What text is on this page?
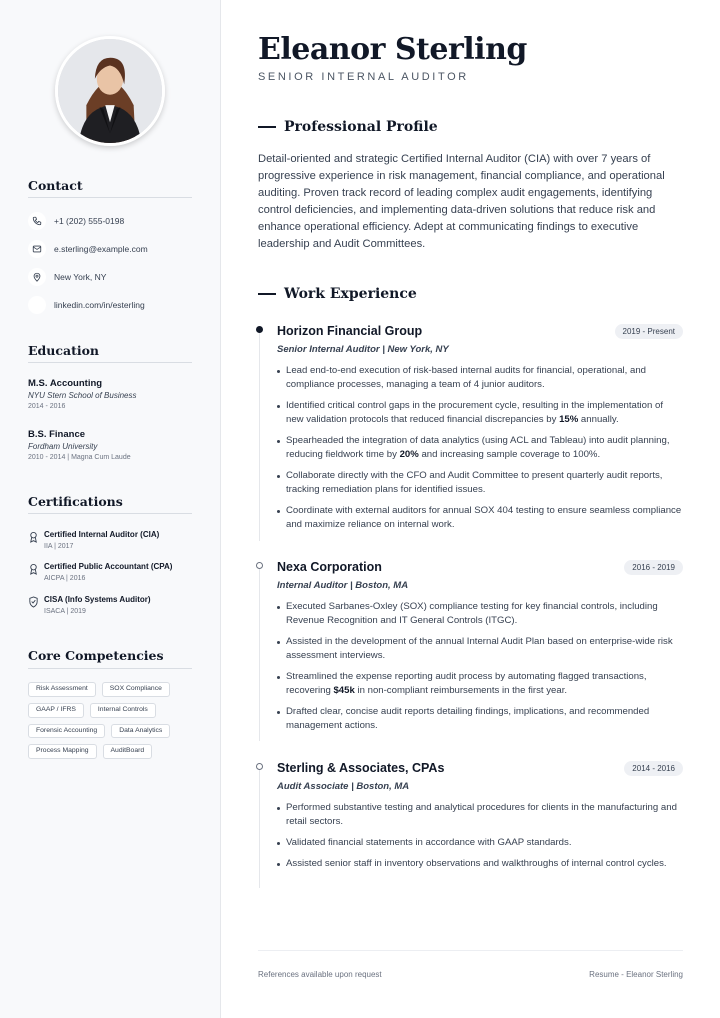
Contact
+1 (202) 555-0198
e.sterling@example.com
New York, NY
linkedin.com/in/esterling
Education
M.S. Accounting
NYU Stern School of Business
2014 - 2016
B.S. Finance
Fordham University
2010 - 2014 | Magna Cum Laude
Certifications
Certified Internal Auditor (CIA)
IIA | 2017
Certified Public Accountant (CPA)
AICPA | 2016
CISA (Info Systems Auditor)
ISACA | 2019
Core Competencies
Risk Assessment	SOX Compliance
GAAP / IFRS	Internal Controls
Forensic Accounting	Data Analytics
Process Mapping	AuditBoard
Eleanor Sterling
SENIOR INTERNAL AUDITOR
Professional Profile
Detail-oriented and strategic Certified Internal Auditor (CIA) with over 7 years of progressive experience in risk management, financial compliance, and operational auditing. Proven track record of leading complex audit engagements, identifying control deficiencies, and implementing data-driven solutions that reduce risk and enhance operational efficiency. Adept at communicating findings to executive leadership and Audit Committees.
Work Experience
Horizon Financial Group	2019 - Present
Senior Internal Auditor | New York, NY
Lead end-to-end execution of risk-based internal audits for financial, operational, and compliance processes, managing a team of 4 junior auditors.
Identified critical control gaps in the procurement cycle, resulting in the implementation of new validation protocols that reduced financial discrepancies by 15% annually.
Spearheaded the integration of data analytics (using ACL and Tableau) into audit planning, reducing fieldwork time by 20% and increasing sample coverage to 100%.
Collaborate directly with the CFO and Audit Committee to present quarterly audit reports, tracking remediation plans for identified issues.
Coordinate with external auditors for annual SOX 404 testing to ensure seamless compliance and maximize reliance on internal work.
Nexa Corporation	2016 - 2019
Internal Auditor | Boston, MA
Executed Sarbanes-Oxley (SOX) compliance testing for key financial controls, including Revenue Recognition and IT General Controls (ITGC).
Assisted in the development of the annual Internal Audit Plan based on enterprise-wide risk assessment interviews.
Streamlined the expense reporting audit process by automating flagged transactions, recovering $45k in non-compliant reimbursements in the first year.
Drafted clear, concise audit reports detailing findings, implications, and recommended management actions.
Sterling & Associates, CPAs	2014 - 2016
Audit Associate | Boston, MA
Performed substantive testing and analytical procedures for clients in the manufacturing and retail sectors.
Validated financial statements in accordance with GAAP standards.
Assisted senior staff in inventory observations and walkthroughs of internal control cycles.
References available upon request	Resume - Eleanor Sterling
